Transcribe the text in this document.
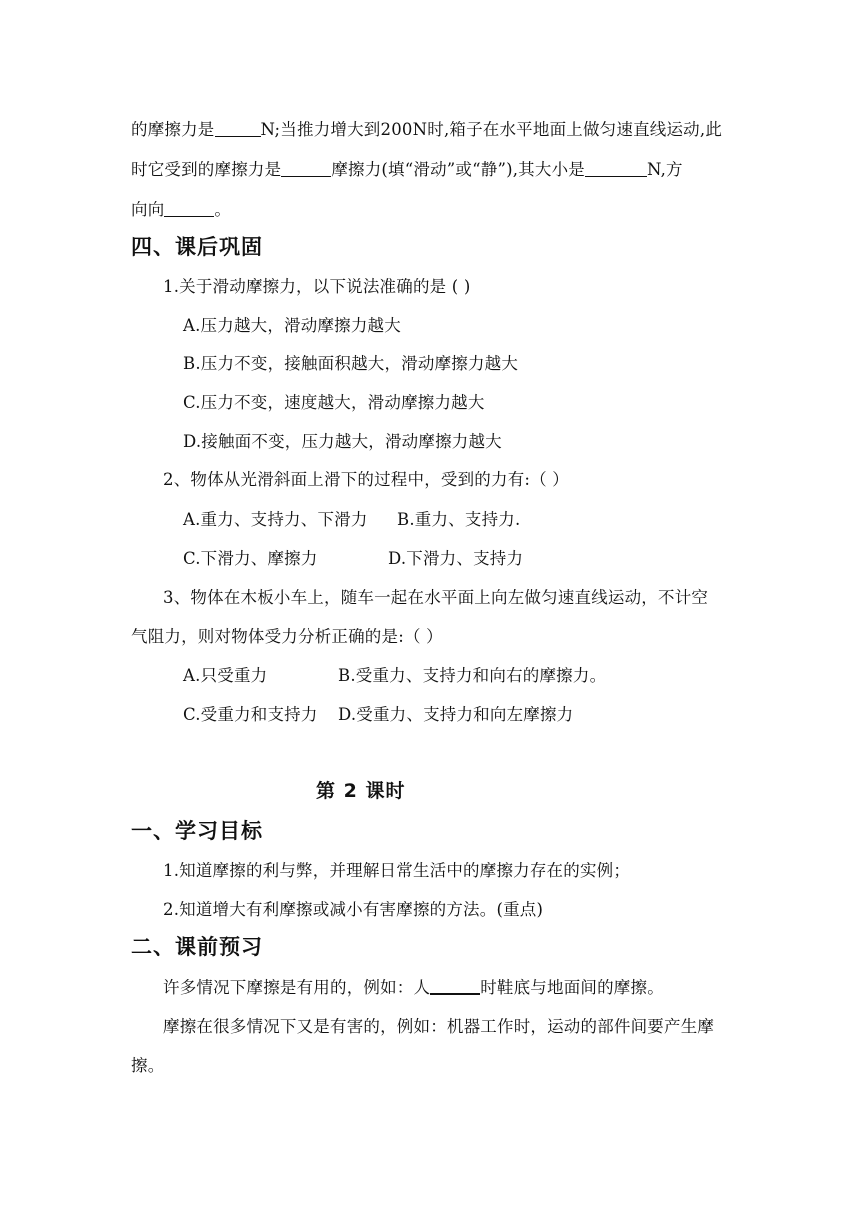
的摩擦力是	N;当推力增大到200N时,箱子在水平地面上做匀速直线运动,此
时它受到的摩擦力是	摩擦力(填“滑动”或“静”),其大小是	N,方
向向	。
四、课后巩固
1.关于滑动摩擦力，以下说法准确的是 ( )
A.压力越大，滑动摩擦力越大
B.压力不变，接触面积越大，滑动摩擦力越大
C.压力不变，速度越大，滑动摩擦力越大
D.接触面不变，压力越大，滑动摩擦力越大
2、物体从光滑斜面上滑下的过程中，受到的力有:（ ）
A.重力、支持力、下滑力 B.重力、支持力.
C.下滑力、摩擦力	D.下滑力、支持力
3、物体在木板小车上，随车一起在水平面上向左做匀速直线运动，不计空
气阻力，则对物体受力分析正确的是:（ ）
A.只受重力	B.受重力、支持力和向右的摩擦力。
C.受重力和支持力 D.受重力、支持力和向左摩擦力
第 2 课时
一、学习目标
1.知道摩擦的利与弊，并理解日常生活中的摩擦力存在的实例；
2.知道增大有利摩擦或减小有害摩擦的方法。(重点)
二、课前预习
许多情况下摩擦是有用的，例如：人	时鞋底与地面间的摩擦。
摩擦在很多情况下又是有害的，例如：机器工作时，运动的部件间要产生摩
擦。
